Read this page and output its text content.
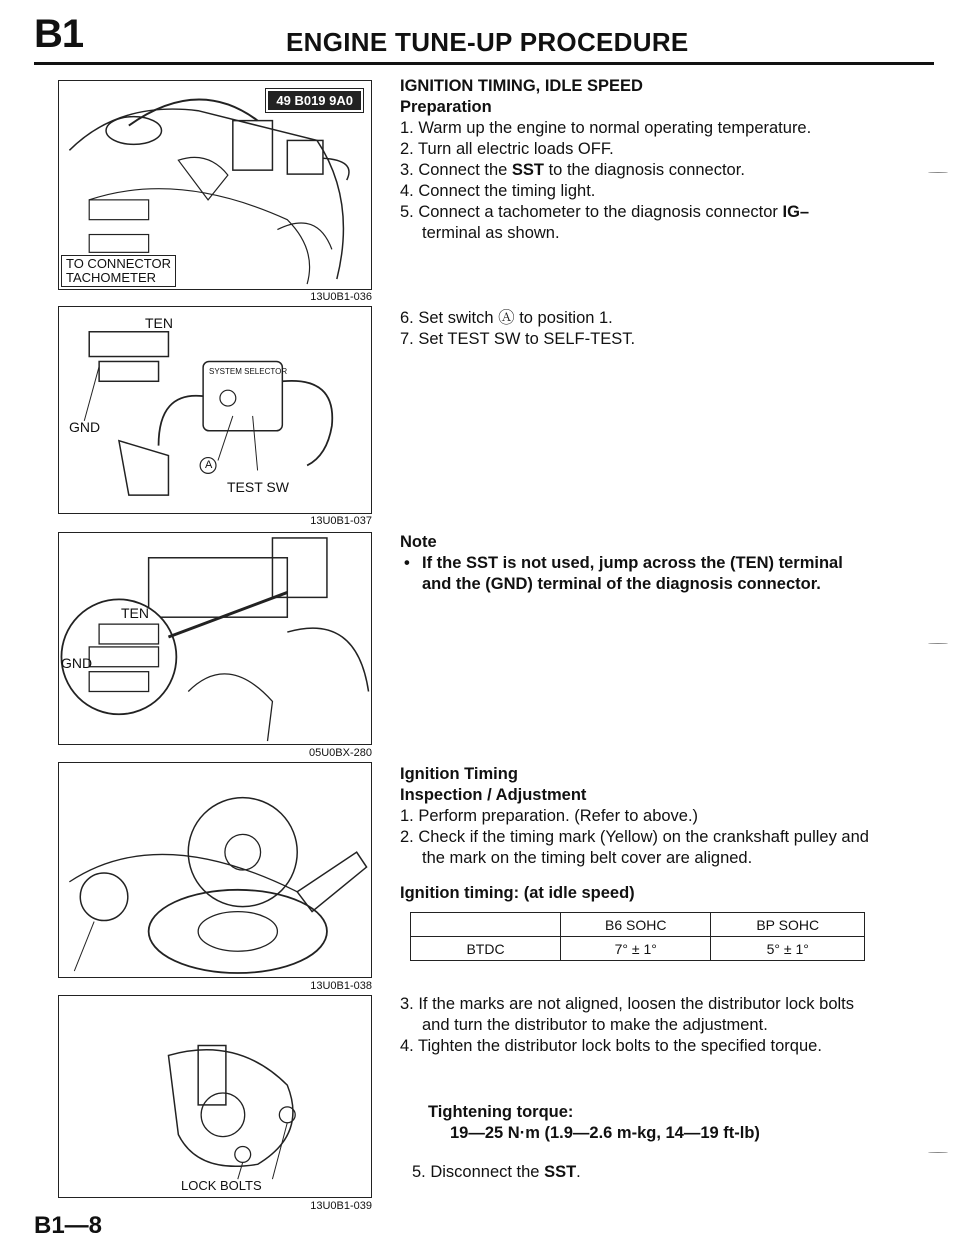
B1	ENGINE TUNE-UP PROCEDURE
49 B019 9A0
TO CONNECTOR
TACHOMETER
13U0B1-036
TEN
GND
SYSTEM SELECTOR
A
TEST SW
13U0B1-037
TEN
GND
05U0BX-280
13U0B1-038
LOCK BOLTS
13U0B1-039
IGNITION TIMING, IDLE SPEED
Preparation
1. Warm up the engine to normal operating temperature.
2. Turn all electric loads OFF.
3. Connect the SST to the diagnosis connector.
4. Connect the timing light.
5. Connect a tachometer to the diagnosis connector IG– terminal as shown.
6. Set switch Ⓐ to position 1.
7. Set TEST SW to SELF-TEST.
Note
• If the SST is not used, jump across the (TEN) terminal and the (GND) terminal of the diagnosis connector.
Ignition Timing
Inspection / Adjustment
1. Perform preparation. (Refer to above.)
2. Check if the timing mark (Yellow) on the crankshaft pulley and the mark on the timing belt cover are aligned.
Ignition timing: (at idle speed)
	B6 SOHC	BP SOHC
BTDC	7° ± 1°	5° ± 1°
3. If the marks are not aligned, loosen the distributor lock bolts and turn the distributor to make the adjustment.
4. Tighten the distributor lock bolts to the specified torque.
Tightening torque:
19—25 N·m (1.9—2.6 m-kg, 14—19 ft-lb)
5. Disconnect the SST.
B1—8
